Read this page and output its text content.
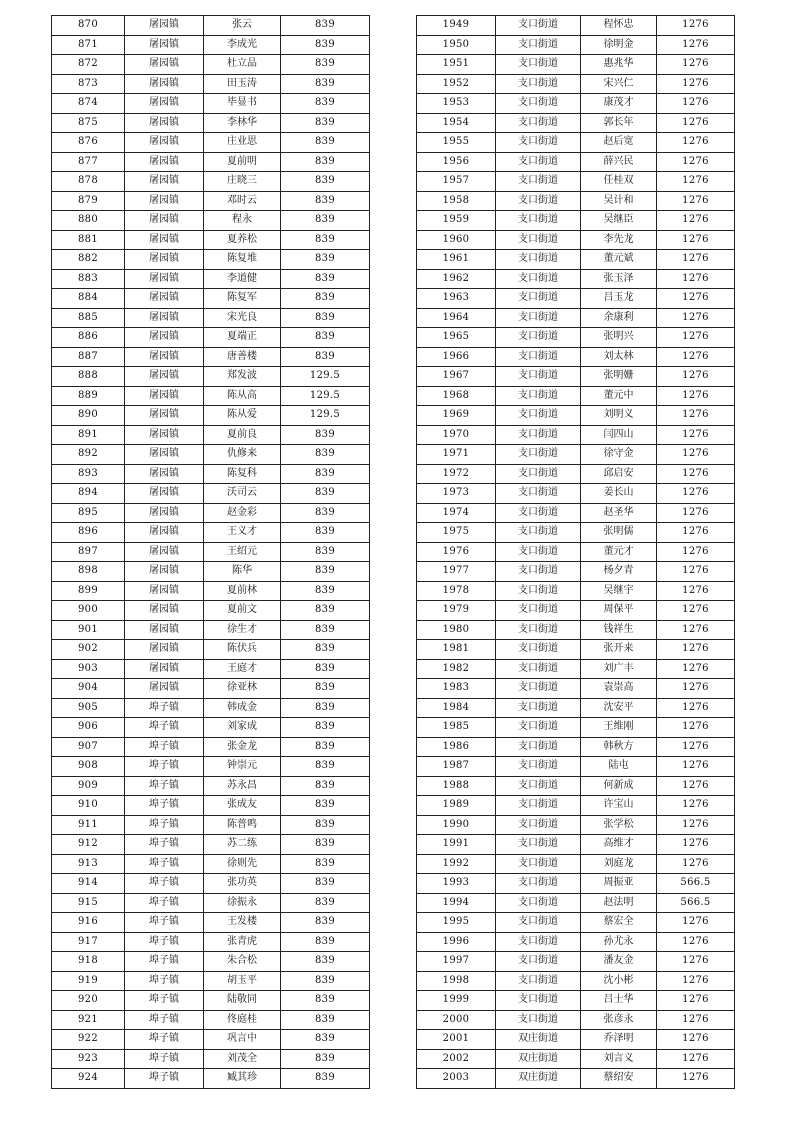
870	屠园镇	张云	839
871	屠园镇	李成光	839
872	屠园镇	杜立品	839
873	屠园镇	田玉涛	839
874	屠园镇	毕显书	839
875	屠园镇	李林华	839
876	屠园镇	庄业思	839
877	屠园镇	夏前明	839
878	屠园镇	庄晓三	839
879	屠园镇	邓时云	839
880	屠园镇	程永	839
881	屠园镇	夏养松	839
882	屠园镇	陈复堆	839
883	屠园镇	李道健	839
884	屠园镇	陈复军	839
885	屠园镇	宋光良	839
886	屠园镇	夏端正	839
887	屠园镇	唐善楼	839
888	屠园镇	郑发波	129.5
889	屠园镇	陈从高	129.5
890	屠园镇	陈从爱	129.5
891	屠园镇	夏前良	839
892	屠园镇	仇修来	839
893	屠园镇	陈复科	839
894	屠园镇	沃司云	839
895	屠园镇	赵金彩	839
896	屠园镇	王义才	839
897	屠园镇	王绍元	839
898	屠园镇	陈华	839
899	屠园镇	夏前林	839
900	屠园镇	夏前文	839
901	屠园镇	徐生才	839
902	屠园镇	陈伏兵	839
903	屠园镇	王庭才	839
904	屠园镇	徐亚林	839
905	埠子镇	韩成金	839
906	埠子镇	刘家成	839
907	埠子镇	张金龙	839
908	埠子镇	钟崇元	839
909	埠子镇	苏永昌	839
910	埠子镇	张成友	839
911	埠子镇	陈普鸣	839
912	埠子镇	苏二练	839
913	埠子镇	徐则先	839
914	埠子镇	张功英	839
915	埠子镇	徐振永	839
916	埠子镇	王发楼	839
917	埠子镇	张青虎	839
918	埠子镇	朱合松	839
919	埠子镇	胡玉平	839
920	埠子镇	陆敬同	839
921	埠子镇	佟庭桂	839
922	埠子镇	巩言中	839
923	埠子镇	刘茂全	839
924	埠子镇	臧其珍	839
1949	支口街道	程怀忠	1276
1950	支口街道	徐明金	1276
1951	支口街道	惠兆华	1276
1952	支口街道	宋兴仁	1276
1953	支口街道	康茂才	1276
1954	支口街道	郭长年	1276
1955	支口街道	赵后宽	1276
1956	支口街道	薛兴民	1276
1957	支口街道	任桂双	1276
1958	支口街道	吴计和	1276
1959	支口街道	吴继臣	1276
1960	支口街道	李先龙	1276
1961	支口街道	董元斌	1276
1962	支口街道	张玉泽	1276
1963	支口街道	吕玉龙	1276
1964	支口街道	余康利	1276
1965	支口街道	张明兴	1276
1966	支口街道	刘太林	1276
1967	支口街道	张明姗	1276
1968	支口街道	董元中	1276
1969	支口街道	刘明义	1276
1970	支口街道	闫四山	1276
1971	支口街道	徐守金	1276
1972	支口街道	邱启安	1276
1973	支口街道	姜长山	1276
1974	支口街道	赵圣华	1276
1975	支口街道	张明儒	1276
1976	支口街道	董元才	1276
1977	支口街道	杨夕青	1276
1978	支口街道	吴继宇	1276
1979	支口街道	周保平	1276
1980	支口街道	钱祥生	1276
1981	支口街道	张开来	1276
1982	支口街道	刘广丰	1276
1983	支口街道	袁崇高	1276
1984	支口街道	沈安平	1276
1985	支口街道	王维刚	1276
1986	支口街道	韩秋方	1276
1987	支口街道	陆屯	1276
1988	支口街道	何新成	1276
1989	支口街道	许宝山	1276
1990	支口街道	张学松	1276
1991	支口街道	高维才	1276
1992	支口街道	刘庭龙	1276
1993	支口街道	周振亚	566.5
1994	支口街道	赵法明	566.5
1995	支口街道	蔡宏全	1276
1996	支口街道	孙尤永	1276
1997	支口街道	潘友金	1276
1998	支口街道	沈小彬	1276
1999	支口街道	吕士华	1276
2000	支口街道	张彦永	1276
2001	双庄街道	乔泽明	1276
2002	双庄街道	刘言义	1276
2003	双庄街道	蔡绍安	1276
